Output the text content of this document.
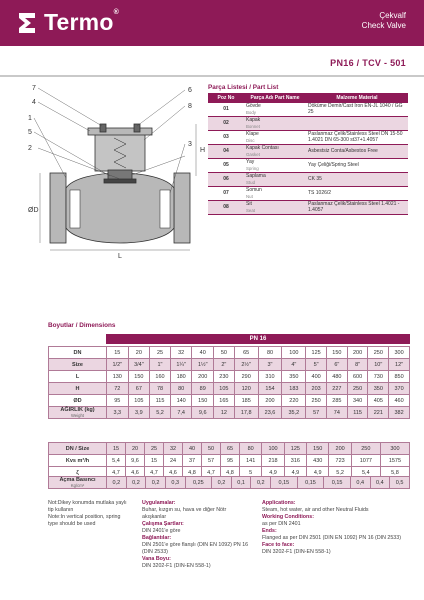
Termo®	Çekvalf
Check Valve
PN16 / TCV - 501
7
4
1
5
2
6
8
3
H
ØD
L
Parça Listesi / Part List
Poz No	Parça Adı Part Name	Malzeme Material
01	Gövde
Body	Döküme Demir/Cast Iron EN-JL 1040 / GG 25
02	Kapak
Bonnet	

03	Klape
Disc	Paslanmaz Çelik/Stainless Steel DN 15-50 1.4021 DN 65-300 st37+1.4057
04	Kapak Contası
Gasket	Asbestsiz Conta/Asbestos Free
05	Yay
Spring	Yay Çeliği/Spring Steel
06	Saplama
Stud	CK 35
07	Somun
Nut	TS 1026/2
08	Sit
Seat	Paslanmaz Çelik/Stainless Steel 1.4021 - 1.4057
Boyutlar / Dimensions
PN 16
DN	15	20	25	32	40	50	65	80	100	125	150	200	250	300
Size	1/2"	3/4"	1"	1¼"	1½"	2"	2½"	3"	4"	5"	6"	8"	10"	12"
L	130	150	160	180	200	230	290	310	350	400	480	600	730	850
H	72	67	78	80	89	105	120	154	183	203	227	250	350	370
ØD	95	105	115	140	150	165	185	200	220	250	285	340	405	460
AĞIRLIK (kg)
Weight	3,3	3,9	5,2	7,4	9,6	12	17,8	23,6	35,2	57	74	115	221	382
DN / Size	15	20	25	32	40	50	65	80	100	125	150	200	250	300
Kvs m³/h	5,4	9,6	15	24	37	57	95	141	218	316	430	723	1077	1575
ζ	4,7	4,6	4,7	4,6	4,8	4,7	4,8	5	4,9	4,9	4,9	5,2	5,4	5,8
Açma Basıncı
Kg/cm²	0,2	0,2	0,2	0,3	0,25	0,2	0,1	0,2	0,15	0,15	0,15	0,4	0,4	0,5
Not:Dikey konumda mutlaka yaylı tip kullanın
Note:In vertical position, spring type should be used
Uygulamalar:
Buhar, kızgın su, hava ve diğer Nötr akışkanlar
Çalışma Şartları:
DIN 2401'e göre
Bağlantılar:
DIN 2501'e göre flanşlı (DIN EN 1092) PN 16 (DIN 2533)
Vana Boyu:
DIN 3202-F1 (DIN-EN 558-1)
Applications:
Steam, hot water, air and other Neutral Fluids
Working Conditions:
as per DIN 2401
Ends:
Flanged as per DIN 2501 (DIN EN 1092) PN 16 (DIN 2533)
Face to face:
DIN 3202-F1 (DIN-EN 558-1)
